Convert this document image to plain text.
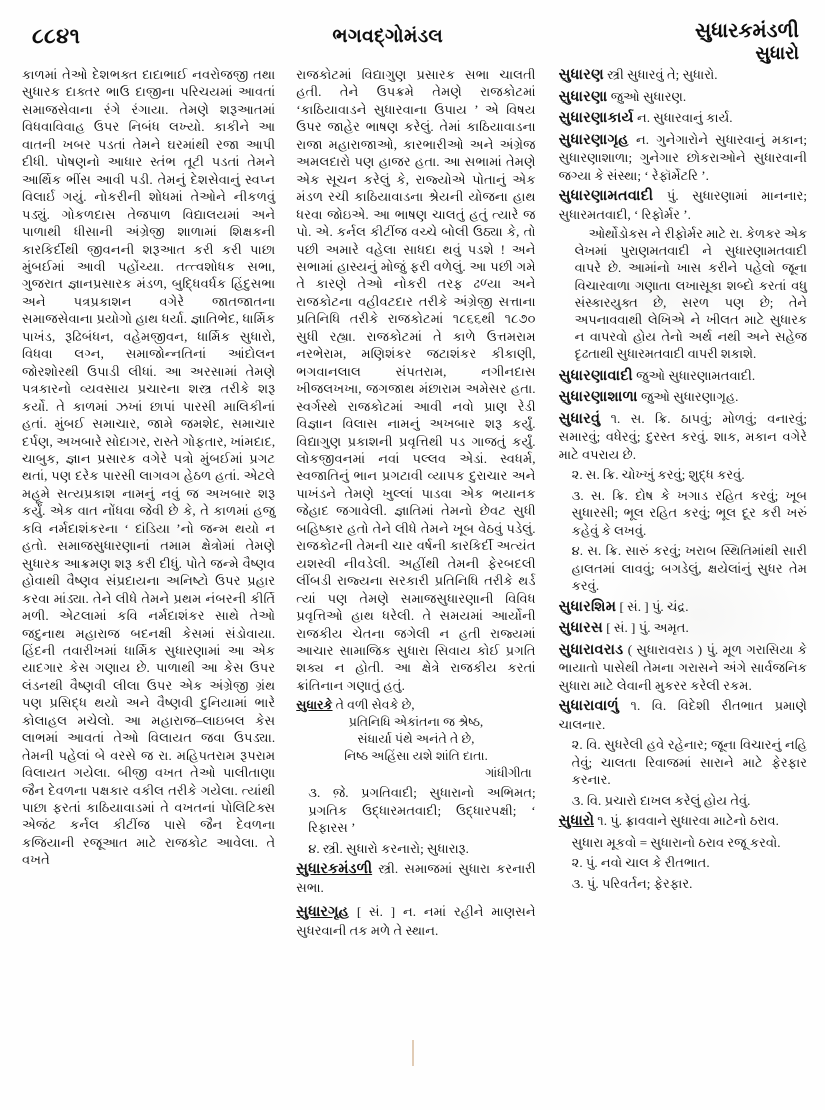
૮૮૪૧	ભગવદ્ગોમંડલ	સુધારકમંડળી
સુધારો

કાળમાં તેઓ દેશભક્ત દાદાભાઈ નવરોજજી તથા સુધારક દાક્તર ભાઉ દાજીના પરિચયમાં આવતાં સમાજસેવાના રંગે રંગાયા. તેમણે શરૂઆતમાં વિધવાવિવાહ ઉપર નિબંધ લખ્યો. કાકીને આ વાતની ખબર પડતાં તેમને ઘરમાંથી રજા આપી દીધી. પોષણનો આધાર સ્તંભ તૂટી પડતાં તેમને આર્થિક ભીંસ આવી પડી. તેમનું દેશસેવાનું સ્વપ્ન વિલાર્ઇ ગયું. નોકરીની શોધમાં તેઓને નીકળવું પડ્યું. ગોકળદાસ તેજપાળ વિદ્યાલયમાં અને પાળાથી ધીસાની અંગ્રેજી શાળામાં શિક્ષકની કારકિર્દીથી જીવનની શરૂઆત કરી કરી પાછા મુંબઈમાં આવી પહોંચ્યા. તત્ત્વશોધક સભા, ગુજરાત જ્ઞાનપ્રસારક મંડળ, બુદ્ધિવર્ધક હિંદુસભા અને પત્રપ્રકાશન વગેરે જાતજાતના સમાજસેવાના પ્રયોગો હાથ ધર્યા. જ્ઞાતિભેદ, ધાર્મિક પાખંડ, રૂઢિબંધન, વહેમજીવન, ધાર્મિક સુધારો, વિધવા લગ્ન, સમાજોન્નતિનાં આંદોલન જોરશોરથી ઉપાડી લીધાં. આ અરસામાં તેમણે પત્રકારનો વ્યવસાય પ્રચારના શસ્ત્ર તરીકે શરૂ કર્યો. તે કાળમાં ઝખાં છાપાં પારસી માલિકીનાં હતાં. મુંબઈ સમાચાર, જામે જમશેદ, સમાચાર દર્પણ, અખબારે સોદાગર, રાસ્તે ગોફતાર, ખાંમદાદ, ચાબુક, જ્ઞાન પ્રસારક વગેરે પત્રો મુંબઈમાં પ્રગટ થતાં, પણ દરેક પારસી લાગવગ હેઠળ હતાં. એટલે મહૂમે સત્યપ્રકાશ નામનું નવું જ અખબાર શરૂ કર્યું. એક વાત નોંધવા જેવી છે કે, તે કાળમાં હજુ કવિ નર્મદાશંકરના ‘ દાંડિયા ’નો જન્મ થયો ન હતો. સમાજસુધારણાનાં તમામ ક્ષેત્રોમાં તેમણે સુધારક આક્રમણ શરૂ કરી દીધું. પોતે જન્મે વૈષ્ણવ હોવાથી વૈષ્ણવ સંપ્રદાયના અનિષ્ટો ઉપર પ્રહાર કરવા માંડ્યા. તેને લીધે તેમને પ્રથમ નંબરની કીર્તિ મળી. એટલામાં કવિ નર્મદાશંકર સાથે તેઓ જદુનાથ મહારાજ બદનક્ષી કેસમાં સંડોવાયા. હિંદની તવારીખમાં ધાર્મિક સુધારણામાં આ એક યાદગાર કેસ ગણાય છે. પાળાથી આ કેસ ઉપર લંડનથી વૈષ્ણવી લીલા ઉપર એક અંગ્રેજી ગ્રંથ પણ પ્રસિદ્ધ થયો અને વૈષ્ણવી દુનિયામાં ભારે કોલાહલ મચેલો. આ મહારાજ–લાઇબલ કેસ લાભમાં આવતાં તેઓ વિલાયત જવા ઉપડ્યા. તેમની પહેલાં બે વરસે જ રા. મહિપતરામ રૂપરામ વિલાયત ગયેલા. બીજી વખત તેઓ પાલીતાણા જૈન દેવળના પક્ષકાર વકીલ તરીકે ગયેલા. ત્યાંથી પાછા ફરતાં કાઠિયાવાડમાં તે વખતનાં પોલિટિક્સ એજંટ કર્નલ કીટીંજ પાસે જૈન દેવળના કજિયાની રજૂઆત માટે રાજકોટ આવેલા. તે વખતે

રાજકોટમાં વિદ્યાગુણ પ્રસારક સભા ચાલતી હતી. તેને ઉપક્રમે તેમણે રાજકોટમાં ‘કાઠિયાવાડને સુધારવાના ઉપાય ’ એ વિષય ઉપર જાહેર ભાષણ કરેલું. તેમાં કાઠિયાવાડના રાજા મહારાજાઓ, કારભારીઓ અને અંગ્રેજ અમલદારો પણ હાજર હતા. આ સભામાં તેમણે એક સૂચન કરેલું કે, રાજ્યોએ પોતાનું એક મંડળ રચી કાઠિયાવાડના શ્રેયની યોજના હાથ ધરવા જોઇએ. આ ભાષણ ચાલતું હતું ત્યારે જ પો. એ. કર્નલ કીટીંજ વચ્ચે બોલી ઉઠ્યા કે, તો પછી અમારે વહેલા સાધદા થવું પડશે ! અને સભામાં હાસ્યનું મોજું ફરી વળેલું. આ પછી ગમે તે કારણે તેઓ નોકરી તરફ ઢળ્યા અને રાજકોટના વહીવટદાર તરીકે અંગ્રેજી સત્તાના પ્રતિનિધિ તરીકે રાજકોટમાં ૧૮૬૬થી ૧૮૭૦ સુધી રહ્યા. રાજકોટમાં તે કાળે ઉત્તમરામ નરભેરામ, મણિશંકર જટાશંકર કીકાણી, ભગવાનલાલ સંપતરામ, નગીનદાસ ખીજલખખા, જગજાથ મંછારામ અમેસર હતા. સ્વર્ગસ્થે રાજકોટમાં આવી નવો પ્રાણ રેડી વિજ્ઞાન વિલાસ નામનું અખબાર શરૂ કર્યું. વિદ્યાગુણ પ્રકાશની પ્રવૃત્તિથી ૫ડ ગાજતું કર્યું. લોકજીવનમાં નવાં પલ્લવ એડાં. સ્વધર્મ, સ્વજાતિનું ભાન પ્રગટાવી વ્યાપક દુરાચાર અને પાખંડને તેમણે ખુલ્લાં પાડવા એક ભયાનક જેહાદ જગાવેલી. જ્ઞાતિમાં તેમનો છેવટ સુધી બહિષ્કાર હતો તેને લીધે તેમને ખૂબ વેઠવું પડેલું. રાજકોટની તેમની ચાર વર્ષની કારકિર્દી અત્યંત યશસ્વી નીવડેલી. અહીંથી તેમની ફેરબદલી લીંબડી રાજ્યના સરકારી પ્રતિનિધિ તરીકે થર્ડ ત્યાં પણ તેમણે સમાજસુધારણાની વિવિધ પ્રવૃત્તિઓ હાથ ધરેલી. તે સમયમાં આર્યોની રાજકીય ચેતના જગેલી ન હતી રાજ્યમાં આચાર સામાજિક સુધારા સિવાય કોઈ પ્રગતિ શક્ય ન હોતી. આ ક્ષેત્રે રાજકીય કરતાં ક્રાંતિનાન ગણાતું હતું.

સુધારકે તે વળી સેવકે છે,
પ્રતિનિધિ એકાંતના જ શ્રેષ્ઠ,
સંધાર્યા પંથે અનંતે તે છે,
નિષ્ઠ અહિંસા યશે શાંતિ દાતા.
ગાંધીગીતા

૩. જ઼ે. પ્રગતિવાદી; સુધારાનો અભિમત; પ્રગતિક ઉદ્ધારમતવાદી; ઉદ્ધારપક્ષી; ‘ રિફારસ ’

૪. સ્ત્રી. સુધારો કરનારો; સુધારારૂ.

સુધારકમંડળી સ્ત્રી. સમાજમાં સુધારા કરનારી સભા.

સુધારગૃહ [ સં. ] ન. નમાં રહીને માણસને સુધરવાની તક મળે તે સ્થાન.

સુધારણ સ્ત્રી સુધારવું તે; સુધારો.

સુધારણા જુઓ સુધારણ.

સુધારણાકાર્ય ન. સુધારવાનું કાર્ય.

સુધારણાગૃહ ન. ગુનેગારોને સુધારવાનું મકાન; સુધારણાશાળા; ગુનેગાર છોકરાઓને સુધારવાની જગ્યા કે સંસ્થા; ‘ રેફૉર્મેટરિ ’.

સુધારણામતવાદી પું. સુધારણામાં માનનાર; સુધારમતવાદી, ‘ રિફોર્મર ’.

ઓર્થોડોકસ ને રીફોર્મર માટે રા. કેળકર એક લેખમાં પુરાણમતવાદી ને સુધારણામતવાદી વાપરે છે. આમાંનો ખાસ કરીને પહેલો જૂના વિચારવાળા ગણાતા લખાસૂકા શબ્દો કરતાં વધુ સંસ્કારયુક્ત છે, સરળ પણ છે; તેને અપનાવવાથી લેખિએ ને ખીલત માટે સુધારક ન વાપરવો હોય તેનો અર્થ નથી અને સહેજ દૃઢતાથી સુધારમતવાદી વાપરી શકાશે.

સુધારણાવાદી જુઓ સુધારણામતવાદી.

સુધારણાશાળા જુઓ સુધારણાગૃહ.

સુધારવું ૧. સ. ક્રિ. ઠાપવું; મોળવું; વનારવું; સમારવું; વધેરવું; દુરસ્ત કરવું. શાક, મકાન વગેરે માટે વપરાય છે.

૨. સ. ક્રિ. ચોખ્ખું કરવું; શુદ્ધ કરવું.

૩. સ. ક્રિ. દોષ કે ખગાડ રહિત કરવું; ખૂબ સુધારસી; ભૂલ રહિત કરવું; ભૂલ દૂર કરી ખરું કહેવું કે લખવું.

૪. સ. ક્રિ. સારું કરવું; ખરાબ સ્થિતિમાંથી સારી હાલતમાં લાવવું; બગડેલું, ક્ષયેલાંનું સુધર તેમ કરવું.

સુધારશિમ [ સં. ] પું. ચંદ્ર.

સુધારસ [ સં. ] પું. અમૃત.

સુધારાવરાડ ( સુધારાવરાડ ) પું. મૂળ ગરાસિયા કે ભાયાતો પાસેથી તેમના ગરાસને અંગે સાર્વજનિક સુધારા માટે લેવાની મુકરર કરેલી રકમ.

સુધારાવાળું ૧. વિ. વિદેશી રીતભાત પ્રમાણે ચાલનાર.

૨. વિ. સુધરેલી હવે રહેનાર; જૂના વિચારનું નહિ તેવું; ચાલતા રિવાજમાં સારાને માટે ફેરફાર કરનાર.

૩. વિ. પ્રચારો દાખલ કરેલું હોય તેવું.

સુધારો ૧. પું. ફ્રાવવાને સુધારવા માટેનો ઠરાવ.

સુધારા મૂકવો = સુધારાનો ઠરાવ રજૂ કરવો.

૨. પું. નવો ચાલ કે રીતભાત.

૩. પું. પરિવર્તન; ફેરફાર.
